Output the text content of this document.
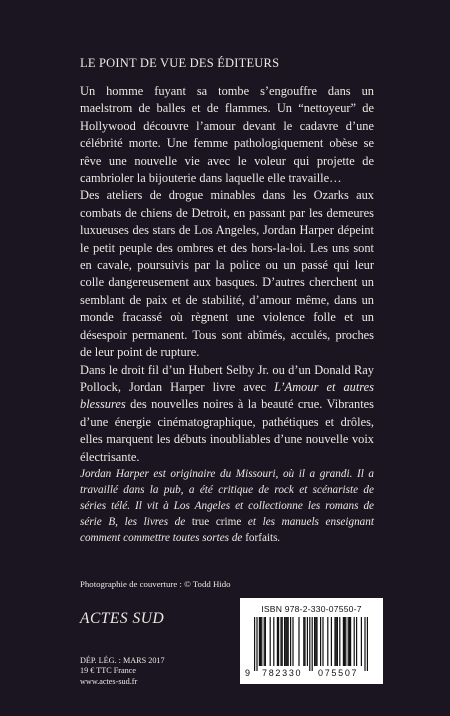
LE POINT DE VUE DES ÉDITEURS

Un homme fuyant sa tombe s’engouffre dans un maelstrom de balles et de flammes. Un “nettoyeur” de Hollywood découvre l’amour devant le cadavre d’une célébrité morte. Une femme pathologiquement obèse se rêve une nouvelle vie avec le voleur qui projette de cambrioler la bijouterie dans laquelle elle travaille…

Des ateliers de drogue minables dans les Ozarks aux combats de chiens de Detroit, en passant par les demeures luxueuses des stars de Los Angeles, Jordan Harper dépeint le petit peuple des ombres et des hors-la-loi. Les uns sont en cavale, poursuivis par la police ou un passé qui leur colle dangereusement aux basques. D’autres cherchent un semblant de paix et de stabilité, d’amour même, dans un monde fracassé où règnent une violence folle et un désespoir permanent. Tous sont abîmés, acculés, proches de leur point de rupture.

Dans le droit fil d’un Hubert Selby Jr. ou d’un Donald Ray Pollock, Jordan Harper livre avec L’Amour et autres blessures des nouvelles noires à la beauté crue. Vibrantes d’une énergie cinématographique, pathétiques et drôles, elles marquent les débuts inoubliables d’une nouvelle voix électrisante.

Jordan Harper est originaire du Missouri, où il a grandi. Il a travaillé dans la pub, a été critique de rock et scénariste de séries télé. Il vit à Los Angeles et collectionne les romans de série B, les livres de true crime et les manuels enseignant comment commettre toutes sortes de forfaits.
Photographie de couverture : © Todd Hido
ACTES SUD
DÉP. LÉG. : MARS 2017
19 € TTC France
www.actes-sud.fr
ISBN 978-2-330-07550-7
9 782330 075507
